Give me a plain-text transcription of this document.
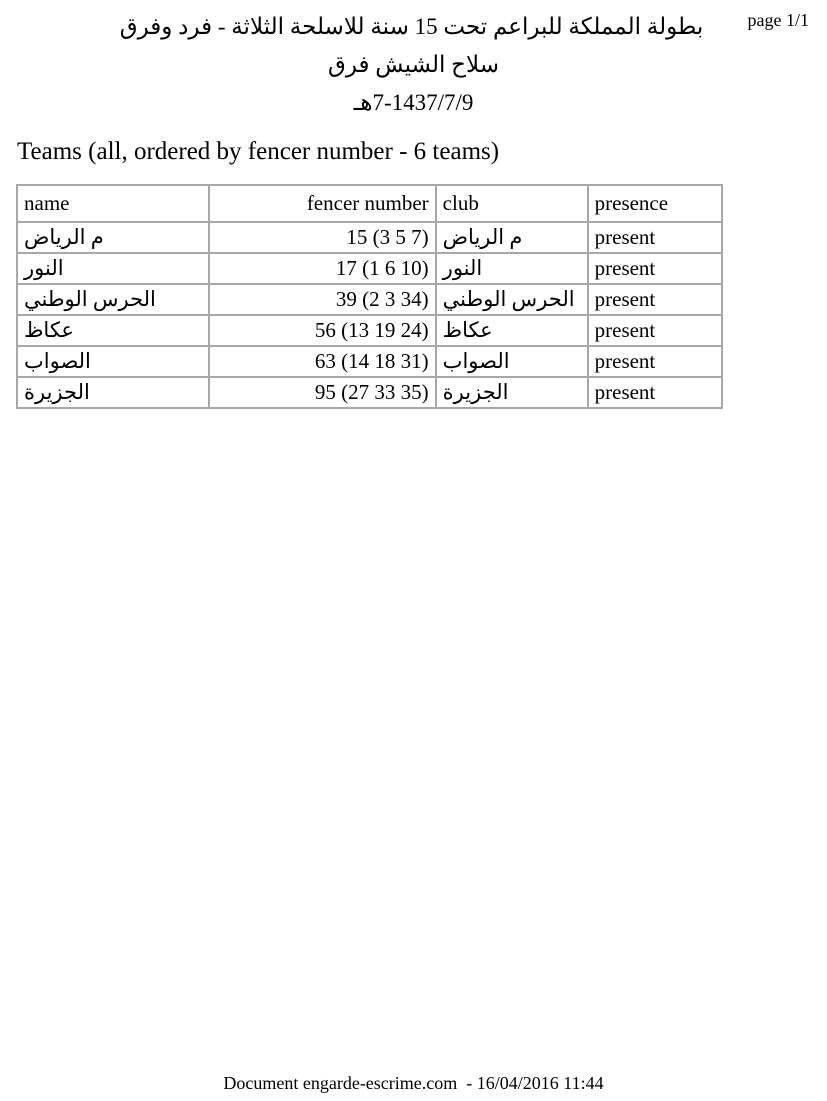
page 1/1
بطولة المملكة للبراعم تحت 15 سنة للاسلحة الثلاثة - فرد وفرق
سلاح الشيش فرق
7-1437/7/9هـ
Teams (all, ordered by fencer number - 6 teams)
name	fencer number	club	presence
م الرياض	15 (3 5 7)	م الرياض	present
النور	17 (1 6 10)	النور	present
الحرس الوطني	39 (2 3 34)	الحرس الوطني	present
عكاظ	56 (13 19 24)	عكاظ	present
الصواب	63 (14 18 31)	الصواب	present
الجزيرة	95 (27 33 35)	الجزيرة	present
Document engarde-escrime.com  - 16/04/2016 11:44
